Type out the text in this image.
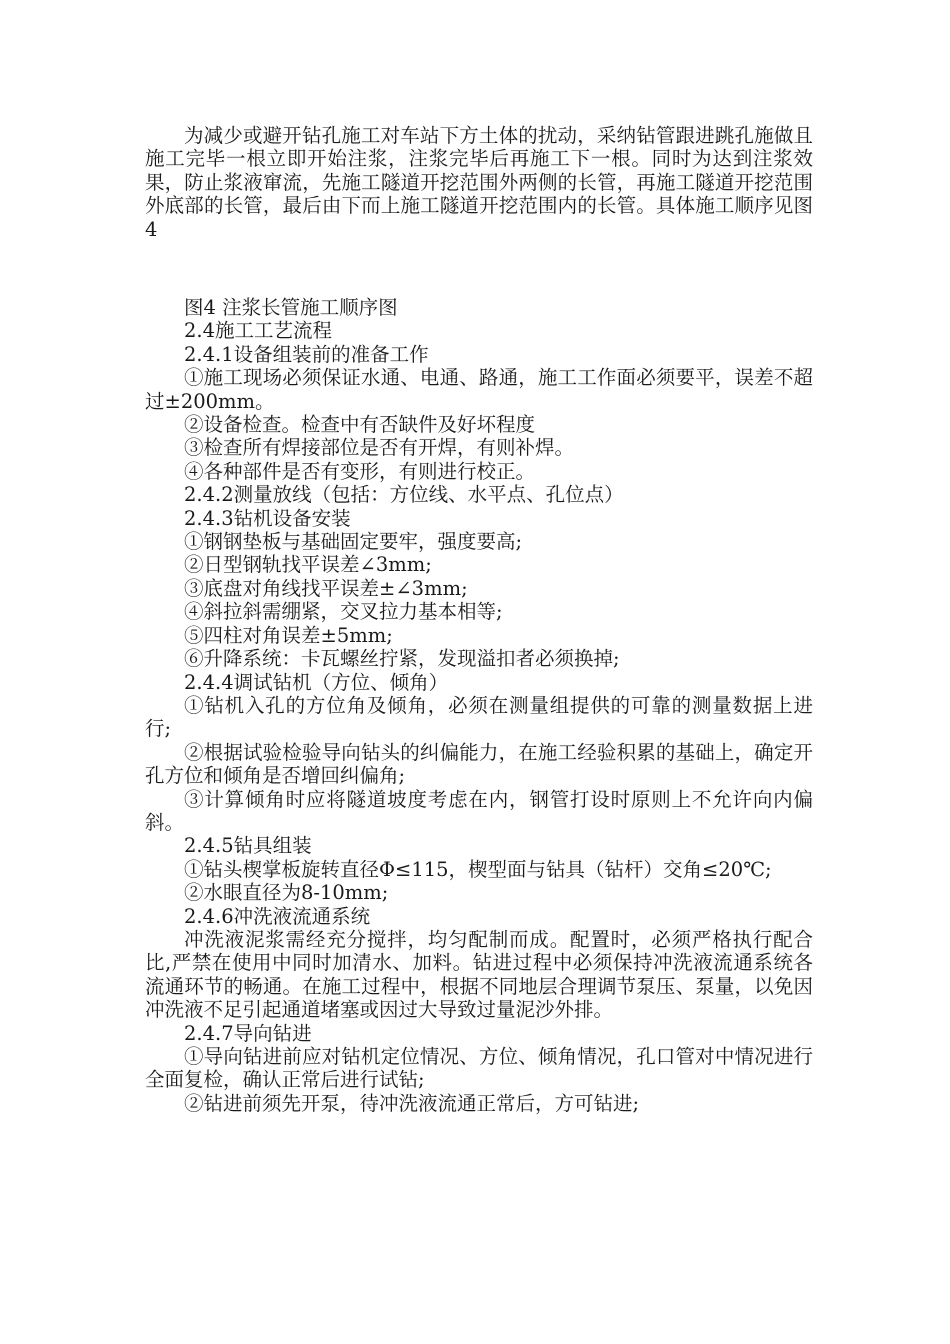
为减少或避开钻孔施工对车站下方土体的扰动，采纳钻管跟进跳孔施做且施工完毕一根立即开始注浆，注浆完毕后再施工下一根。同时为达到注浆效果，防止浆液窜流，先施工隧道开挖范围外两侧的长管，再施工隧道开挖范围外底部的长管，最后由下而上施工隧道开挖范围内的长管。具体施工顺序见图4

图4 注浆长管施工顺序图

2.4施工工艺流程

2.4.1设备组装前的准备工作

①施工现场必须保证水通、电通、路通，施工工作面必须要平，误差不超过±200mm。

②设备检查。检查中有否缺件及好坏程度

③检查所有焊接部位是否有开焊，有则补焊。

④各种部件是否有变形，有则进行校正。

2.4.2测量放线（包括：方位线、水平点、孔位点）

2.4.3钻机设备安装

①钢钢垫板与基础固定要牢，强度要高;

②日型钢轨找平误差∠3mm;

③底盘对角线找平误差±∠3mm;

④斜拉斜需绷紧，交叉拉力基本相等;

⑤四柱对角误差±5mm;

⑥升降系统：卡瓦螺丝拧紧，发现溢扣者必须换掉;

2.4.4调试钻机（方位、倾角）

①钻机入孔的方位角及倾角，必须在测量组提供的可靠的测量数据上进行;

②根据试验检验导向钻头的纠偏能力，在施工经验积累的基础上，确定开孔方位和倾角是否增回纠偏角;

③计算倾角时应将隧道坡度考虑在内，钢管打设时原则上不允许向内偏斜。

2.4.5钻具组装

①钻头楔掌板旋转直径Φ≤115，楔型面与钻具（钻杆）交角≤20℃;

②水眼直径为8-10mm;

2.4.6冲洗液流通系统

冲洗液泥浆需经充分搅拌，均匀配制而成。配置时，必须严格执行配合比,严禁在使用中同时加清水、加料。钻进过程中必须保持冲洗液流通系统各流通环节的畅通。在施工过程中，根据不同地层合理调节泵压、泵量，以免因冲洗液不足引起通道堵塞或因过大导致过量泥沙外排。

2.4.7导向钻进

①导向钻进前应对钻机定位情况、方位、倾角情况，孔口管对中情况进行全面复检，确认正常后进行试钻;

②钻进前须先开泵，待冲洗液流通正常后，方可钻进;
